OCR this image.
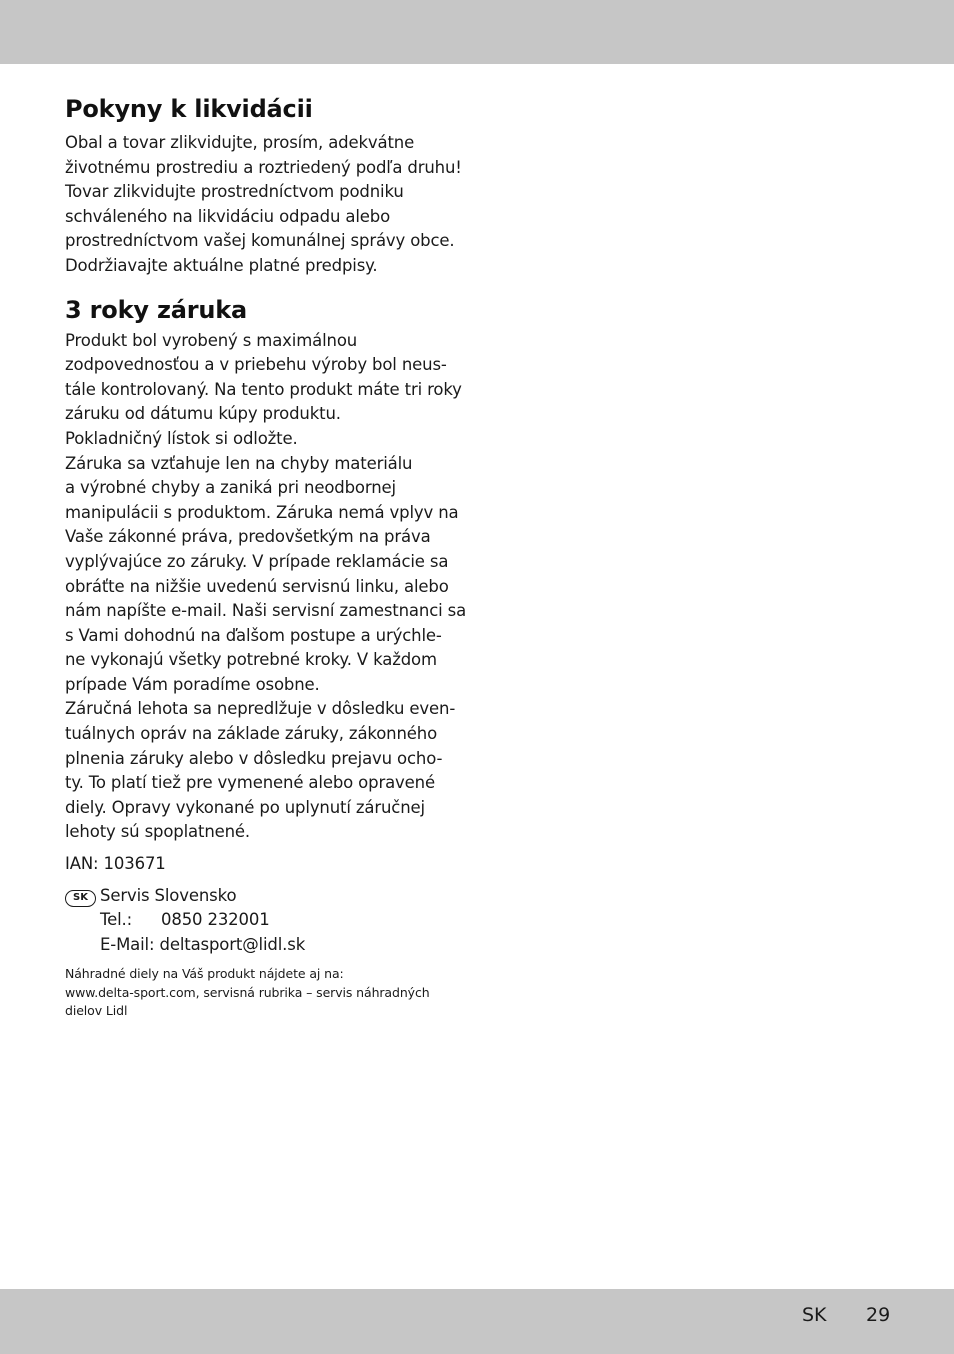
Pokyny k likvidácii
Obal a tovar zlikvidujte, prosím, adekvátne
životnému prostrediu a roztriedený podľa druhu!
Tovar zlikvidujte prostredníctvom podniku
schváleného na likvidáciu odpadu alebo
prostredníctvom vašej komunálnej správy obce.
Dodržiavajte aktuálne platné predpisy.
3 roky záruka
Produkt bol vyrobený s maximálnou
zodpovednosťou a v priebehu výroby bol neus-
tále kontrolovaný. Na tento produkt máte tri roky
záruku od dátumu kúpy produktu.
Pokladničný lístok si odložte.
Záruka sa vzťahuje len na chyby materiálu
a výrobné chyby a zaniká pri neodbornej
manipulácii s produktom. Záruka nemá vplyv na
Vaše zákonné práva, predovšetkým na práva
vyplývajúce zo záruky. V prípade reklamácie sa
obráťte na nižšie uvedenú servisnú linku, alebo
nám napíšte e-mail. Naši servisní zamestnanci sa
s Vami dohodnú na ďalšom postupe a urýchle-
ne vykonajú všetky potrebné kroky. V každom
prípade Vám poradíme osobne.
Záručná lehota sa nepredlžuje v dôsledku even-
tuálnych opráv na základe záruky, zákonného
plnenia záruky alebo v dôsledku prejavu ocho-
ty. To platí tiež pre vymenené alebo opravené
diely. Opravy vykonané po uplynutí záručnej
lehoty sú spoplatnené.
IAN: 103671
SK Servis Slovensko
Tel.: 0850 232001
E-Mail: deltasport@lidl.sk
Náhradné diely na Váš produkt nájdete aj na:
www.delta-sport.com, servisná rubrika – servis náhradných
dielov Lidl
SK 29
